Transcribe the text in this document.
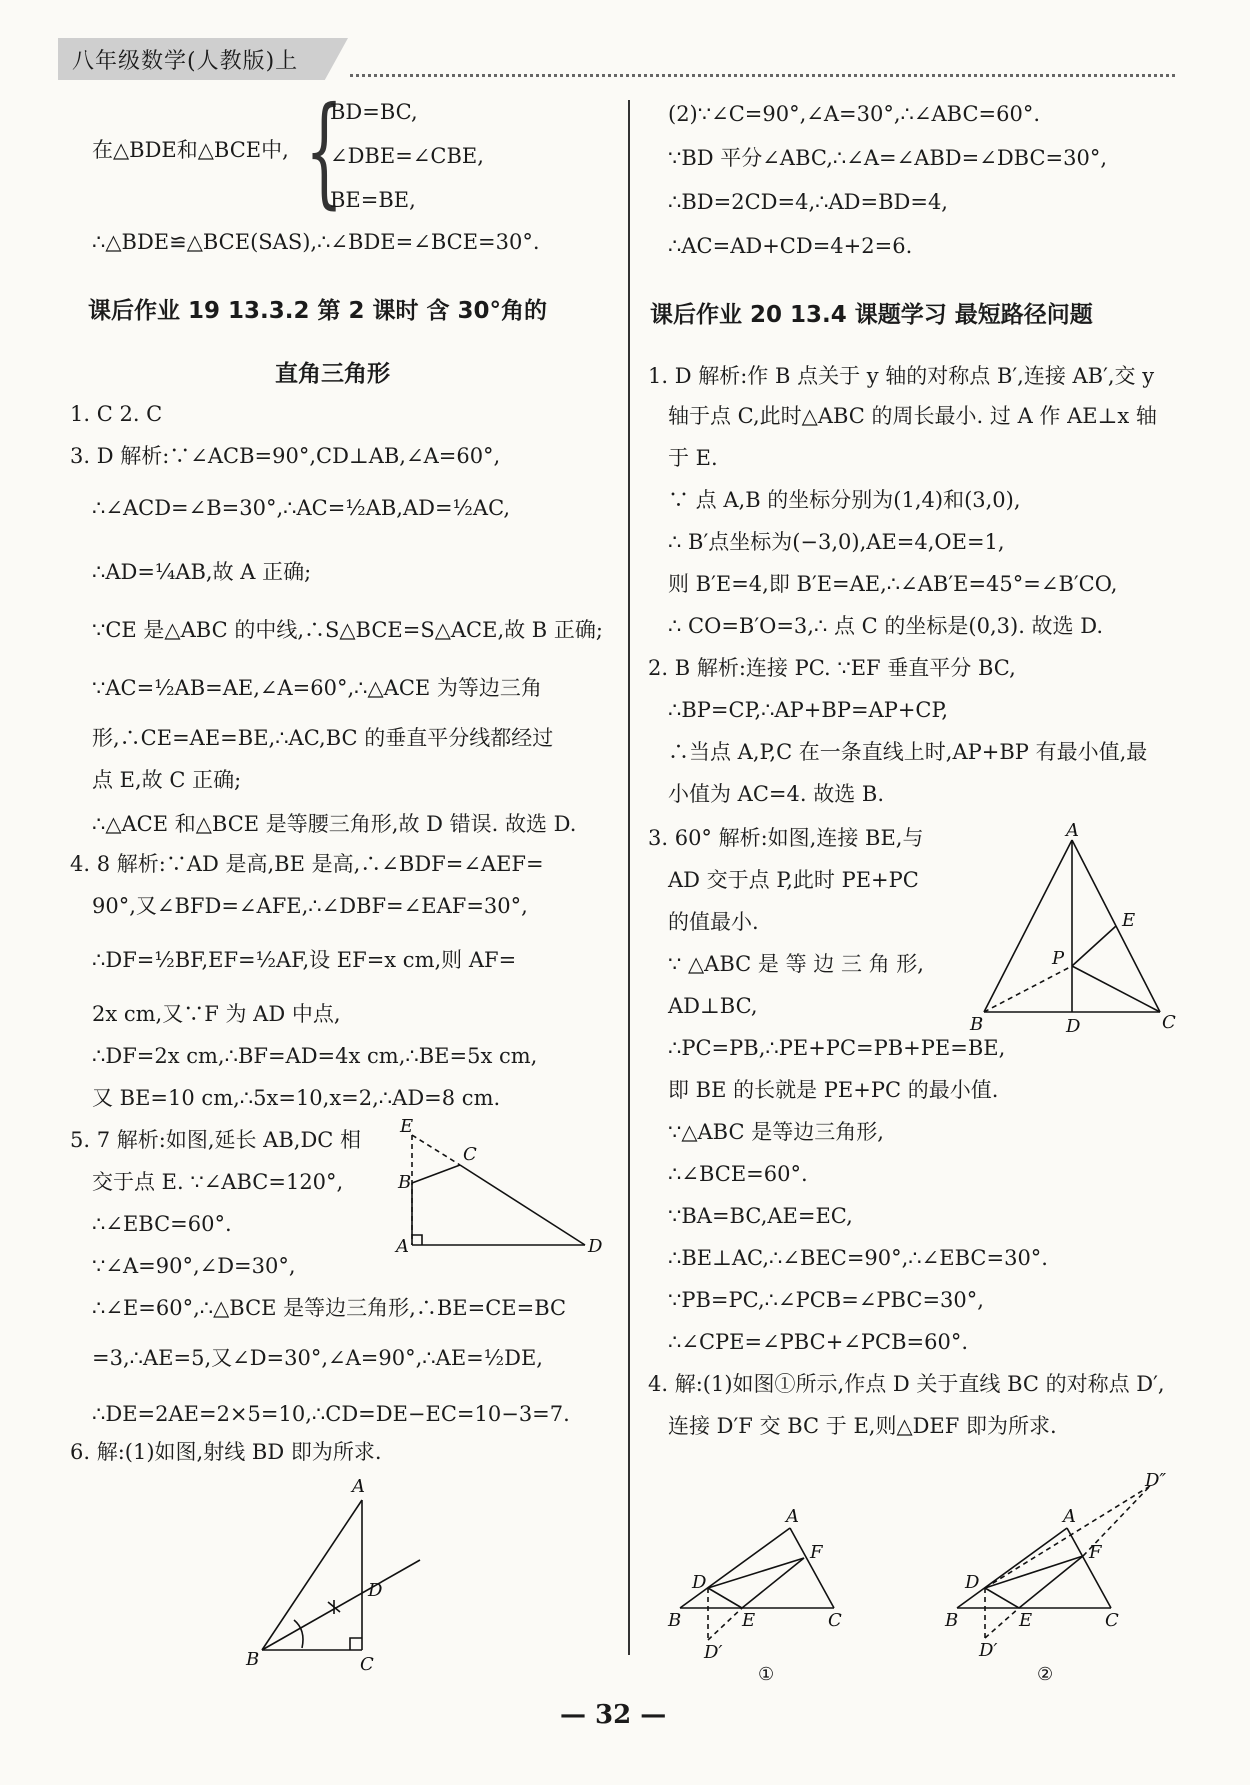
八年级数学(人教版)上
在△BDE和△BCE中, {
BD=BC,
∠DBE=∠CBE,
BE=BE,
∴△BDE≌△BCE(SAS),∴∠BDE=∠BCE=30°.
课后作业 19 13.3.2 第 2 课时 含 30°角的
直角三角形
1. C 2. C
3. D 解析:∵∠ACB=90°,CD⊥AB,∠A=60°,
∴∠ACD=∠B=30°,∴AC=½AB,AD=½AC,
∴AD=¼AB,故 A 正确;
∵CE 是△ABC 的中线,∴S△BCE=S△ACE,故 B 正确;
∵AC=½AB=AE,∠A=60°,∴△ACE 为等边三角
形,∴CE=AE=BE,∴AC,BC 的垂直平分线都经过
点 E,故 C 正确;
∴△ACE 和△BCE 是等腰三角形,故 D 错误. 故选 D.
4. 8 解析:∵AD 是高,BE 是高,∴∠BDF=∠AEF=
90°,又∠BFD=∠AFE,∴∠DBF=∠EAF=30°,
∴DF=½BF,EF=½AF,设 EF=x cm,则 AF=
2x cm,又∵F 为 AD 中点,
∴DF=2x cm,∴BF=AD=4x cm,∴BE=5x cm,
又 BE=10 cm,∴5x=10,x=2,∴AD=8 cm.
5. 7 解析:如图,延长 AB,DC 相
交于点 E. ∵∠ABC=120°,
∴∠EBC=60°.
∵∠A=90°,∠D=30°,
∴∠E=60°,∴△BCE 是等边三角形,∴BE=CE=BC
=3,∴AE=5,又∠D=30°,∠A=90°,∴AE=½DE,
∴DE=2AE=2×5=10,∴CD=DE−EC=10−3=7.
6. 解:(1)如图,射线 BD 即为所求.
E
C
B
A	D
A
D
B	C
(2)∵∠C=90°,∠A=30°,∴∠ABC=60°.
∵BD 平分∠ABC,∴∠A=∠ABD=∠DBC=30°,
∴BD=2CD=4,∴AD=BD=4,
∴AC=AD+CD=4+2=6.
课后作业 20 13.4 课题学习 最短路径问题
1. D 解析:作 B 点关于 y 轴的对称点 B′,连接 AB′,交 y
轴于点 C,此时△ABC 的周长最小. 过 A 作 AE⊥x 轴
于 E.
∵ 点 A,B 的坐标分别为(1,4)和(3,0),
∴ B′点坐标为(−3,0),AE=4,OE=1,
则 B′E=4,即 B′E=AE,∴∠AB′E=45°=∠B′CO,
∴ CO=B′O=3,∴ 点 C 的坐标是(0,3). 故选 D.
2. B 解析:连接 PC. ∵EF 垂直平分 BC,
∴BP=CP,∴AP+BP=AP+CP,
∴当点 A,P,C 在一条直线上时,AP+BP 有最小值,最
小值为 AC=4. 故选 B.
3. 60° 解析:如图,连接 BE,与
AD 交于点 P,此时 PE+PC
的值最小.
∵ △ABC 是 等 边 三 角 形,
AD⊥BC,
∴PC=PB,∴PE+PC=PB+PE=BE,
即 BE 的长就是 PE+PC 的最小值.
∵△ABC 是等边三角形,
∴∠BCE=60°.
∵BA=BC,AE=EC,
∴BE⊥AC,∴∠BEC=90°,∴∠EBC=30°.
∵PB=PC,∴∠PCB=∠PBC=30°,
∴∠CPE=∠PBC+∠PCB=60°.
4. 解:(1)如图①所示,作点 D 关于直线 BC 的对称点 D′,
连接 D′F 交 BC 于 E,则△DEF 即为所求.
A
E
P
B	D	C
A
F
D
B	E	C
D′
①
D″
A
F
D
B	E	C
D′
②
— 32 —
